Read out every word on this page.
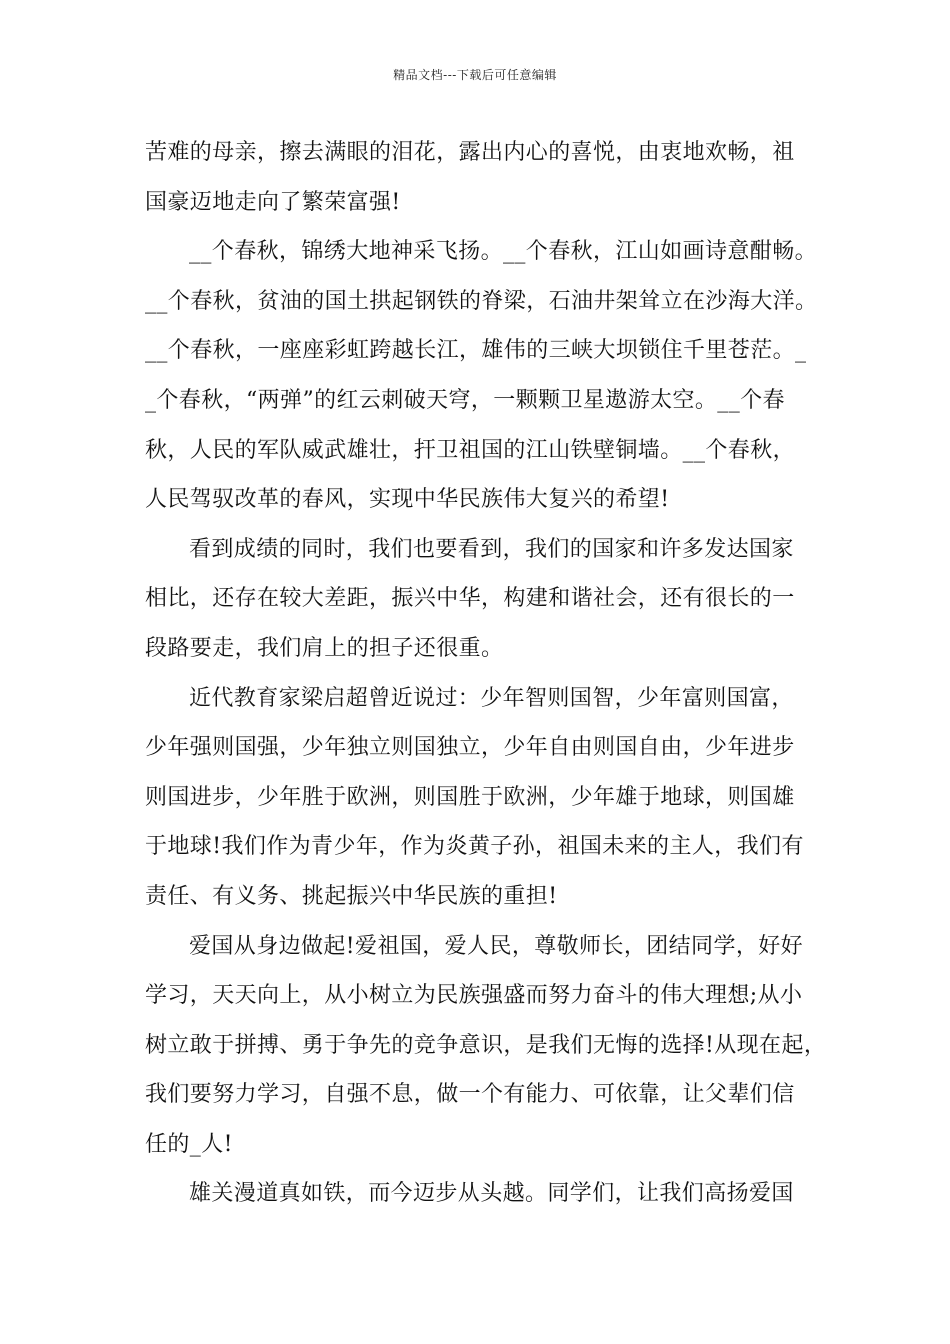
精品文档---下载后可任意编辑
苦难的母亲，擦去满眼的泪花，露出内心的喜悦，由衷地欢畅，祖
国豪迈地走向了繁荣富强!
__个春秋，锦绣大地神采飞扬。__个春秋，江山如画诗意酣畅。
__个春秋，贫油的国土拱起钢铁的脊梁，石油井架耸立在沙海大洋。
__个春秋，一座座彩虹跨越长江，雄伟的三峡大坝锁住千里苍茫。_
_个春秋，“两弹”的红云刺破天穹，一颗颗卫星遨游太空。__个春
秋，人民的军队威武雄壮，扞卫祖国的江山铁壁铜墙。__个春秋，
人民驾驭改革的春风，实现中华民族伟大复兴的希望!
看到成绩的同时，我们也要看到，我们的国家和许多发达国家
相比，还存在较大差距，振兴中华，构建和谐社会，还有很长的一
段路要走，我们肩上的担子还很重。
近代教育家梁启超曾近说过：少年智则国智，少年富则国富，
少年强则国强，少年独立则国独立，少年自由则国自由，少年进步
则国进步，少年胜于欧洲，则国胜于欧洲，少年雄于地球，则国雄
于地球!我们作为青少年，作为炎黄子孙，祖国未来的主人，我们有
责任、有义务、挑起振兴中华民族的重担!
爱国从身边做起!爱祖国，爱人民，尊敬师长，团结同学，好好
学习，天天向上，从小树立为民族强盛而努力奋斗的伟大理想;从小
树立敢于拼搏、勇于争先的竞争意识，是我们无悔的选择!从现在起，
我们要努力学习，自强不息，做一个有能力、可依靠，让父辈们信
任的_人!
雄关漫道真如铁，而今迈步从头越。同学们，让我们高扬爱国
